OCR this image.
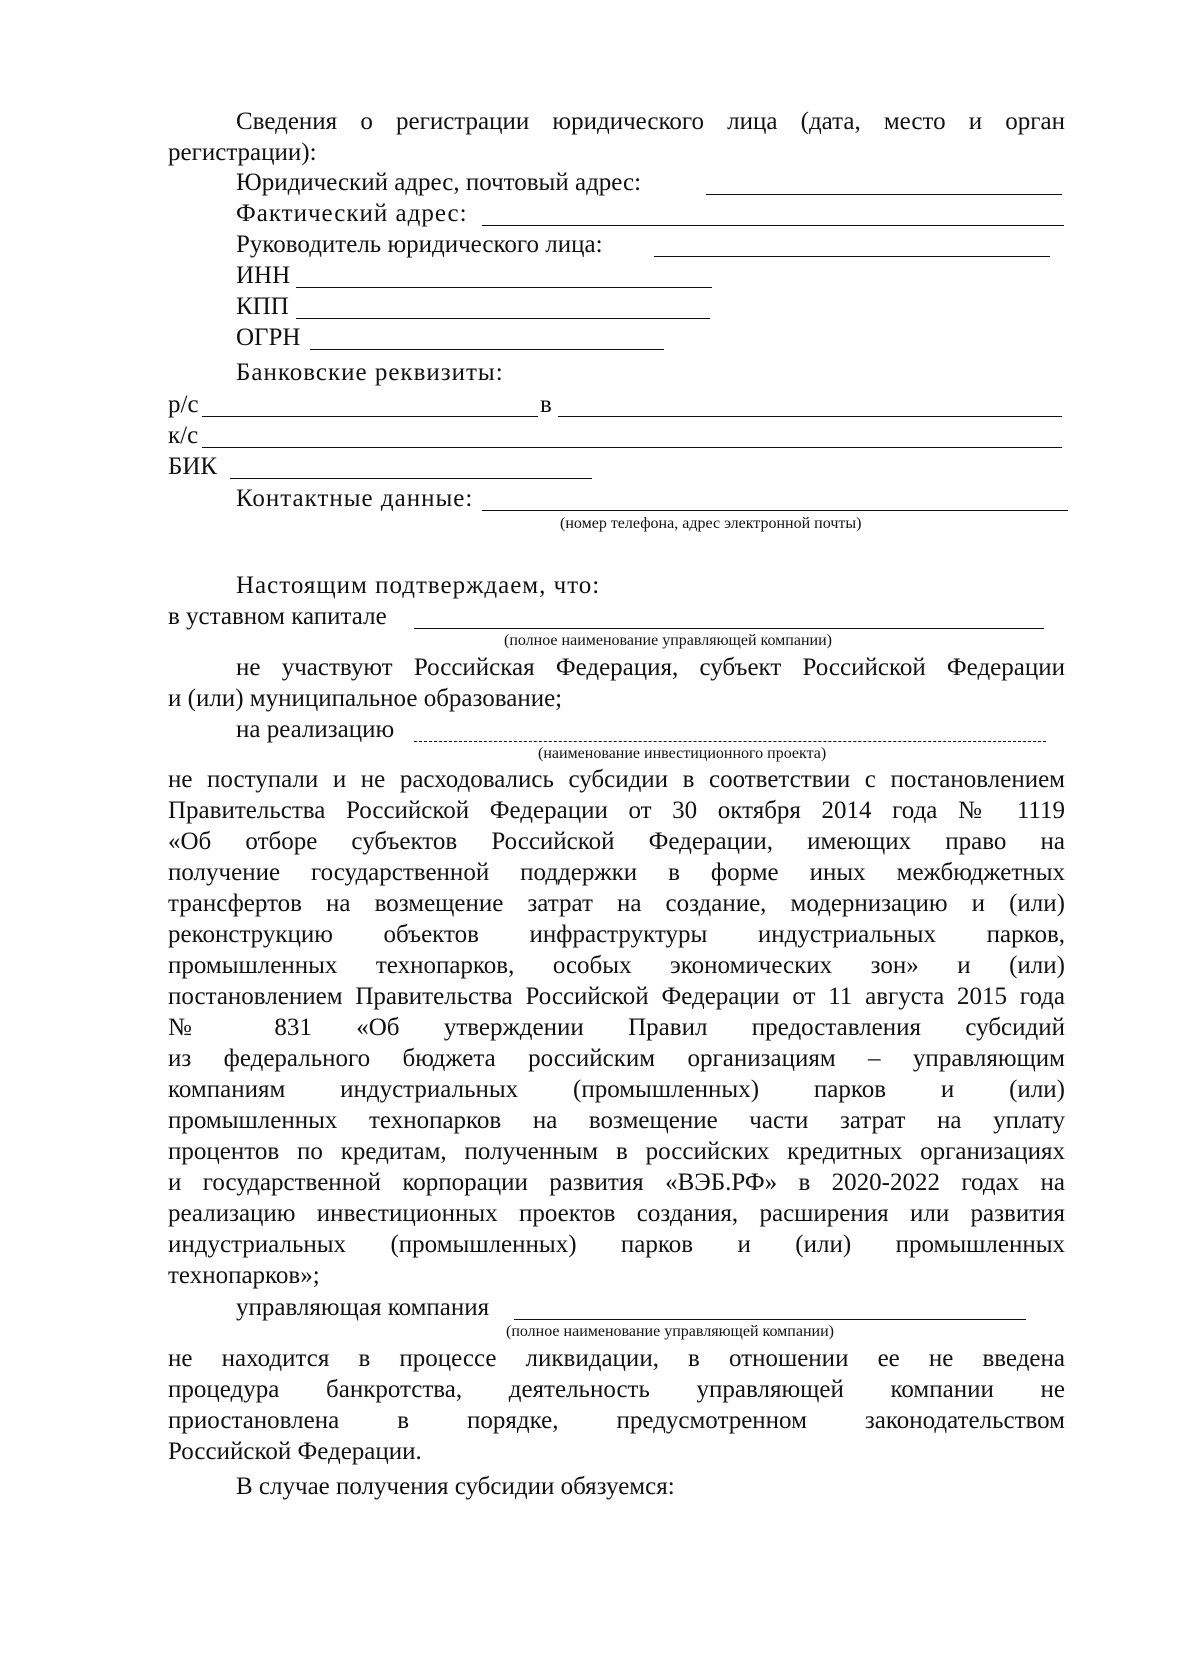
Сведения о регистрации юридического лица (дата, место и орган
регистрации):
Юридический адрес, почтовый адрес:
Фактический адрес:
Руководитель юридического лица:
ИНН
КПП
ОГРН
Банковские реквизиты:
р/с	в
к/с
БИК
Контактные данные:
(номер телефона, адрес электронной почты)
Настоящим подтверждаем, что:
в уставном капитале
(полное наименование управляющей компании)
не участвуют Российская Федерация, субъект Российской Федерации
и (или) муниципальное образование;
на реализацию
(наименование инвестиционного проекта)
не поступали и не расходовались субсидии в соответствии с постановлением
Правительства Российской Федерации от 30 октября 2014 года № 1119
«Об отборе субъектов Российской Федерации, имеющих право на
получение государственной поддержки в форме иных межбюджетных
трансфертов на возмещение затрат на создание, модернизацию и (или)
реконструкцию объектов инфраструктуры индустриальных парков,
промышленных технопарков, особых экономических зон» и (или)
постановлением Правительства Российской Федерации от 11 августа 2015 года
№ 831 «Об утверждении Правил предоставления субсидий
из федерального бюджета российским организациям – управляющим
компаниям индустриальных (промышленных) парков и (или)
промышленных технопарков на возмещение части затрат на уплату
процентов по кредитам, полученным в российских кредитных организациях
и государственной корпорации развития «ВЭБ.РФ» в 2020-2022 годах на
реализацию инвестиционных проектов создания, расширения или развития
индустриальных (промышленных) парков и (или) промышленных
технопарков»;
управляющая компания
(полное наименование управляющей компании)
не находится в процессе ликвидации, в отношении ее не введена
процедура банкротства, деятельность управляющей компании не
приостановлена в порядке, предусмотренном законодательством
Российской Федерации.
В случае получения субсидии обязуемся:
